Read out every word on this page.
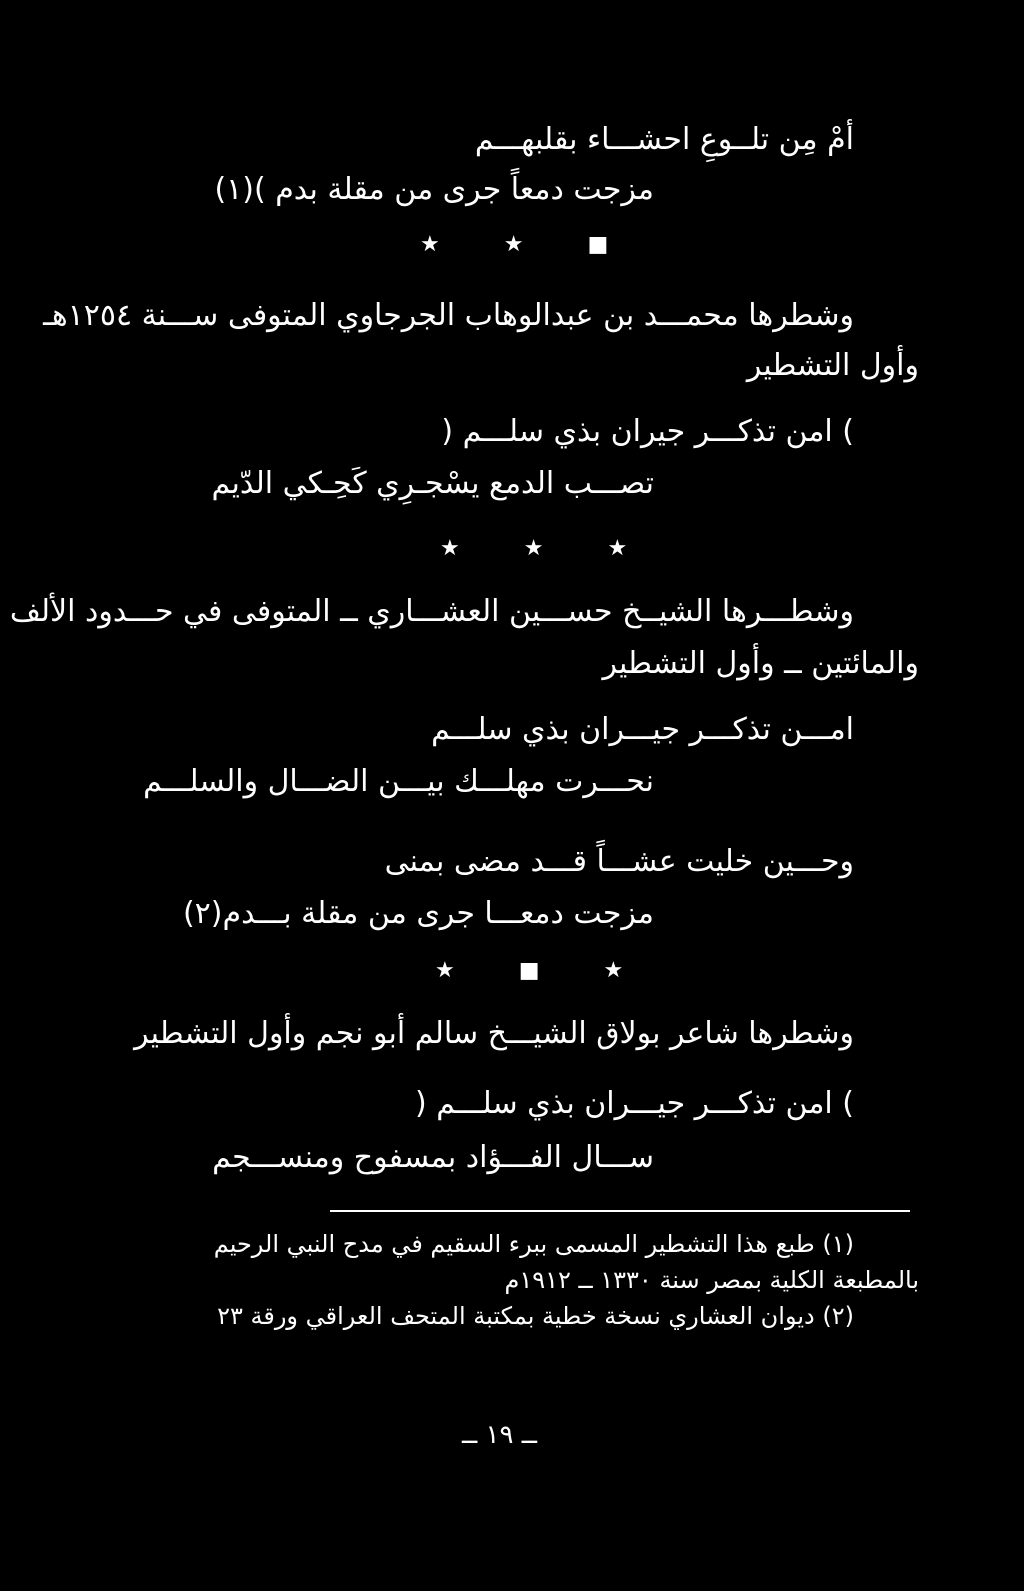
أمْ مِن تلــوعِ احشـــاء بقلبهـــم
مزجت دمعاً جرى من مقلة بدم )(١)
★	★	■
وشطرها محمـــد بن عبدالوهاب الجرجاوي المتوفى ســـنة ١٢٥٤هـ
وأول التشطير
) امن تذكـــر جيران بذي سلـــم (
تصـــب الدمع يسْجـرِي كَحِـكي الدّيم
★	★	★
وشطـــرها الشيــخ حســـين العشـــاري ــ المتوفى في حـــدود الألف
والمائتين ــ وأول التشطير
امـــن تذكـــر جيـــران بذي سلـــم
نحـــرت مهلـــك بيـــن الضـــال والسلـــم
وحـــين خليت عشـــاً قـــد مضى بمنى
مزجت دمعـــا جرى من مقلة بـــدم(٢)
★	■	★
وشطرها شاعر بولاق الشيـــخ سالم أبو نجم وأول التشطير
) امن تذكـــر جيـــران بذي سلـــم (
ســـال الفـــؤاد بمسفوح ومنســـجم
(١) طبع هذا التشطير المسمى ببرء السقيم في مدح النبي الرحيم
بالمطبعة الكلية بمصر سنة ١٣٣٠ ــ ١٩١٢م
(٢) ديوان العشاري نسخة خطية بمكتبة المتحف العراقي ورقة ٢٣
ــ ١٩ ــ
